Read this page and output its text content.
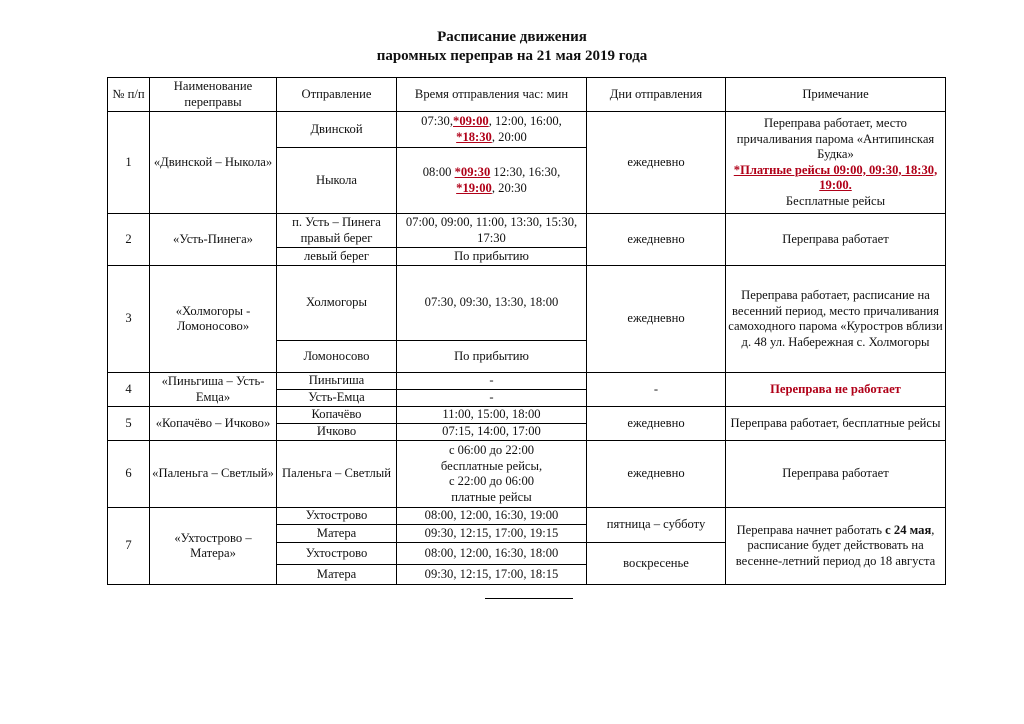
Расписание движения
паромных переправ на 21 мая 2019 года
№ п/п	Наименование переправы	Отправление	Время отправления час: мин	Дни отправления	Примечание
1	«Двинской – Ныкола»	Двинской	07:30,*09:00, 12:00, 16:00,
*18:30, 20:00	ежедневно	Переправа работает, место причаливания парома «Антипинская Будка»
*Платные рейсы 09:00, 09:30, 18:30, 19:00.
Бесплатные рейсы
		Ныкола	08:00 *09:30 12:30, 16:30,
*19:00, 20:30		
2	«Усть-Пинега»	п. Усть – Пинега правый берег	07:00, 09:00, 11:00, 13:30, 15:30, 17:30	ежедневно	Переправа работает
		левый берег	По прибытию		
3	«Холмогоры - Ломоносово»	Холмогоры	07:30, 09:30, 13:30, 18:00	ежедневно	Переправа работает, расписание на весенний период, место причаливания самоходного парома «Куростров вблизи д. 48 ул. Набережная с. Холмогоры
		Ломоносово	По прибытию		
4	«Пиньгиша – Усть-Емца»	Пиньгиша	-	-	Переправа не работает
		Усть-Емца	-		
5	«Копачёво – Ичково»	Копачёво	11:00, 15:00, 18:00	ежедневно	Переправа работает, бесплатные рейсы
		Ичково	07:15, 14:00, 17:00		
6	«Паленьга – Светлый»	Паленьга – Светлый	с 06:00 до 22:00
бесплатные рейсы,
с 22:00 до 06:00
платные рейсы	ежедневно	Переправа работает
7	«Ухтострово – Матера»	Ухтострово	08:00, 12:00, 16:30, 19:00	пятница – субботу	Переправа начнет работать с 24 мая, расписание будет действовать на весенне-летний период до 18 августа
		Матера	09:30, 12:15, 17:00, 19:15		
		Ухтострово	08:00, 12:00, 16:30, 18:00	воскресенье	
		Матера	09:30, 12:15, 17:00, 18:15		
